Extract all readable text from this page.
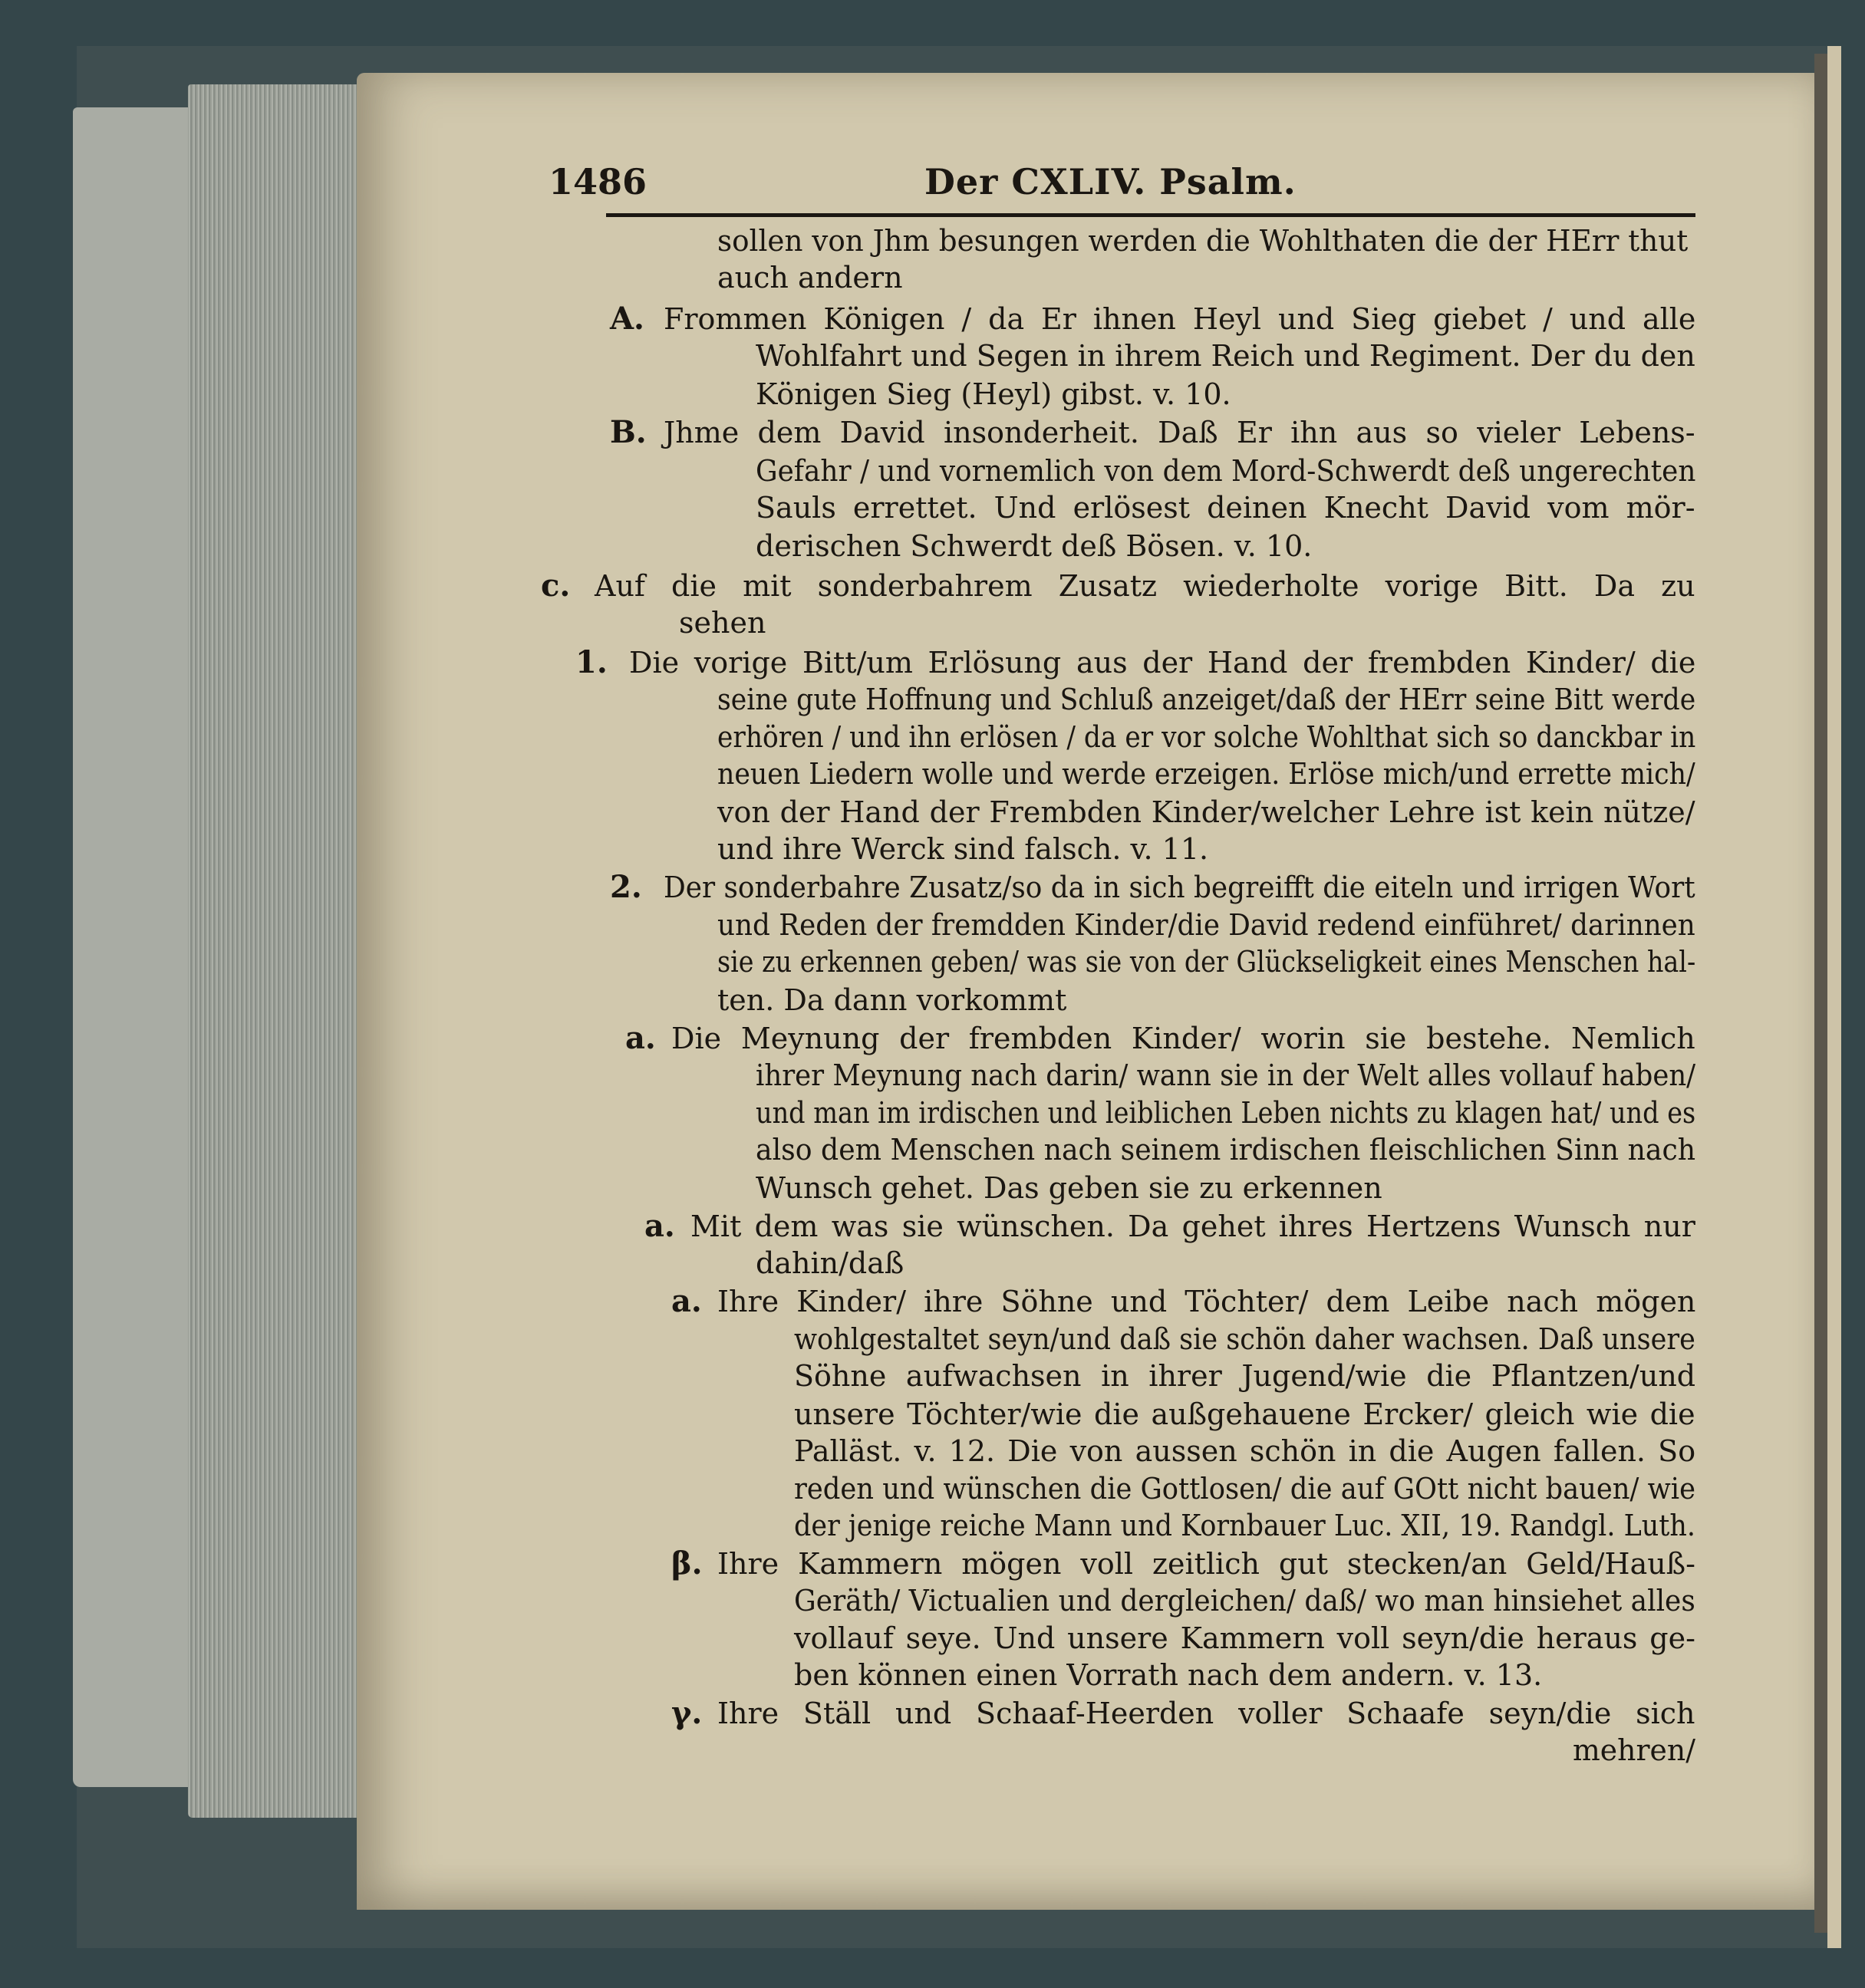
1486	Der CXLIV. Psalm.
sollen von Jhm besungen werden die Wohlthaten die der HErr thut
auch andern
A. Frommen Königen / da Er ihnen Heyl und Sieg giebet / und alle
Wohlfahrt und Segen in ihrem Reich und Regiment. Der du den
Königen Sieg (Heyl) gibst. v. 10.
B. Jhme dem David insonderheit. Daß Er ihn aus so vieler Lebens-
Gefahr / und vornemlich von dem Mord-Schwerdt deß ungerechten
Sauls errettet. Und erlösest deinen Knecht David vom mör-
derischen Schwerdt deß Bösen. v. 10.
c. Auf die mit sonderbahrem Zusatz wiederholte vorige Bitt. Da zu
sehen
1. Die vorige Bitt/um Erlösung aus der Hand der frembden Kinder/ die
seine gute Hoffnung und Schluß anzeiget/daß der HErr seine Bitt werde
erhören / und ihn erlösen / da er vor solche Wohlthat sich so danckbar in
neuen Liedern wolle und werde erzeigen. Erlöse mich/und errette mich/
von der Hand der Frembden Kinder/welcher Lehre ist kein nütze/
und ihre Werck sind falsch. v. 11.
2. Der sonderbahre Zusatz/so da in sich begreifft die eiteln und irrigen Wort
und Reden der fremdden Kinder/die David redend einführet/ darinnen
sie zu erkennen geben/ was sie von der Glückseligkeit eines Menschen hal-
ten. Da dann vorkommt
a. Die Meynung der frembden Kinder/ worin sie bestehe. Nemlich
ihrer Meynung nach darin/ wann sie in der Welt alles vollauf haben/
und man im irdischen und leiblichen Leben nichts zu klagen hat/ und es
also dem Menschen nach seinem irdischen fleischlichen Sinn nach
Wunsch gehet. Das geben sie zu erkennen
a. Mit dem was sie wünschen. Da gehet ihres Hertzens Wunsch nur
dahin/daß
a. Ihre Kinder/ ihre Söhne und Töchter/ dem Leibe nach mögen
wohlgestaltet seyn/und daß sie schön daher wachsen. Daß unsere
Söhne aufwachsen in ihrer Jugend/wie die Pflantzen/und
unsere Töchter/wie die außgehauene Ercker/ gleich wie die
Palläst. v. 12. Die von aussen schön in die Augen fallen. So
reden und wünschen die Gottlosen/ die auf GOtt nicht bauen/ wie
der jenige reiche Mann und Kornbauer Luc. XII, 19. Randgl. Luth.
β. Ihre Kammern mögen voll zeitlich gut stecken/an Geld/Hauß-
Geräth/ Victualien und dergleichen/ daß/ wo man hinsiehet alles
vollauf seye. Und unsere Kammern voll seyn/die heraus ge-
ben können einen Vorrath nach dem andern. v. 13.
γ. Ihre Ställ und Schaaf-Heerden voller Schaafe seyn/die sich
mehren/
